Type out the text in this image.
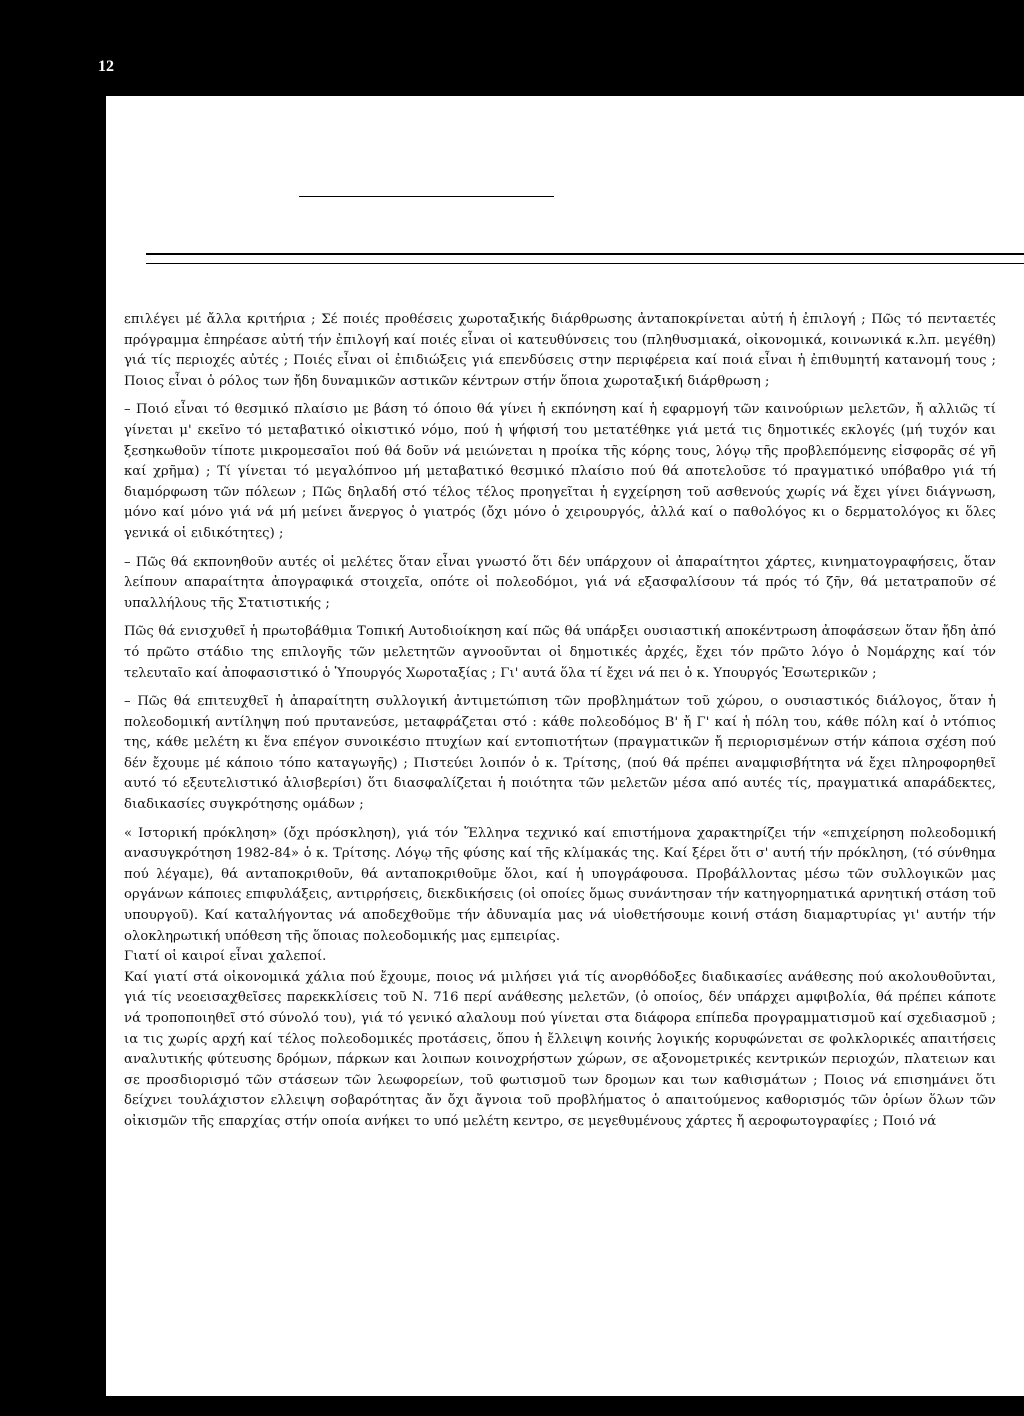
12

επιλέγει μέ ἄλλα κριτήρια ; Σέ ποιές προθέσεις χωροταξικής διάρθρωσης ἀνταποκρίνεται αὐτή ἡ ἐπιλογή ; Πῶς τό πενταετές πρόγραμμα ἐπηρέασε αὐτή τήν ἐπιλογή καί ποιές εἶναι οἱ κατευθύνσεις του (πληθυσμιακά, οἰκονομικά, κοινωνικά κ.λπ. μεγέθη) γιά τίς περιοχές αὐτές ; Ποιές εἶναι οἱ ἐπιδιώξεις γιά επενδύσεις στην περιφέρεια καί ποιά εἶναι ἡ ἐπιθυμητή κατανομή τους ; Ποιος εἶναι ὁ ρόλος των ἤδη δυναμικῶν αστικῶν κέντρων στήν ὅποια χωροταξική διάρθρωση ;

– Ποιό εἶναι τό θεσμικό πλαίσιο με βάση τό όποιο θά γίνει ἡ εκπόνηση καί ἡ εφαρμογή τῶν καινούριων μελετῶν, ἤ αλλιῶς τί γίνεται μ' εκεῖνο τό μεταβατικό οἰκιστικό νόμο, πού ἡ ψήφισή του μετατέθηκε γιά μετά τις δημοτικές εκλογές (μή τυχόν και ξεσηκωθοῦν τίποτε μικρομεσαῖοι πού θά δοῦν νά μειώνεται η προίκα τῆς κόρης τους, λόγῳ τῆς προβλεπόμενης εἰσφορᾶς σέ γῆ καί χρῆμα) ; Τί γίνεται τό μεγαλόπνοο μή μεταβατικό θεσμικό πλαίσιο πού θά αποτελοῦσε τό πραγματικό υπόβαθρο γιά τή διαμόρφωση τῶν πόλεων ; Πῶς δηλαδή στό τέλος τέλος προηγεῖται ἡ εγχείρηση τοῦ ασθενούς χωρίς νά ἔχει γίνει διάγνωση, μόνο καί μόνο γιά νά μή μείνει ἄνεργος ὁ γιατρός (ὄχι μόνο ὁ χειρουργός, ἀλλά καί ο παθολόγος κι ο δερματολόγος κι ὅλες γενικά οἱ ειδικότητες) ;

– Πῶς θά εκπονηθοῦν αυτές οἱ μελέτες ὅταν εἶναι γνωστό ὅτι δέν υπάρχουν οἱ ἀπαραίτητοι χάρτες, κινηματογραφήσεις, ὅταν λείπουν απαραίτητα ἀπογραφικά στοιχεῖα, οπότε οἱ πολεοδόμοι, γιά νά εξασφαλίσουν τά πρός τό ζῆν, θά μετατραποῦν σέ υπαλλήλους τῆς Στατιστικής ;

Πῶς θά ενισχυθεῖ ἡ πρωτοβάθμια Τοπική Αυτοδιοίκηση καί πῶς θά υπάρξει ουσιαστική αποκέντρωση ἀποφάσεων ὅταν ἤδη ἀπό τό πρῶτο στάδιο της επιλογῆς τῶν μελετητῶν αγνοοῦνται οἱ δημοτικές ἀρχές, ἔχει τόν πρῶτο λόγο ὁ Νομάρχης καί τόν τελευταῖο καί ἀποφασιστικό ὁ Ὑπουργός Χωροταξίας ; Γι' αυτά ὅλα τί ἔχει νά πει ὁ κ. Υπουργός Ἐσωτερικῶν ;

– Πῶς θά επιτευχθεῖ ἡ ἀπαραίτητη συλλογική ἀντιμετώπιση τῶν προβλημάτων τοῦ χώρου, ο ουσιαστικός διάλογος, ὅταν ἡ πολεοδομική αντίληψη πού πρυτανεύσε, μεταφράζεται στό : κάθε πολεοδόμος Β' ἤ Γ' καί ἡ πόλη του, κάθε πόλη καί ὁ ντόπιος της, κάθε μελέτη κι ἕνα επέγον συνοικέσιο πτυχίων καί εντοπιοτήτων (πραγματικῶν ἤ περιορισμένων στήν κάποια σχέση πού δέν ἔχουμε μέ κάποιο τόπο καταγωγῆς) ; Πιστεύει λοιπόν ὁ κ. Τρίτσης, (πού θά πρέπει αναμφισβήτητα νά ἔχει πληροφορηθεῖ αυτό τό εξευτελιστικό ἀλισβερίσι) ὅτι διασφαλίζεται ἡ ποιότητα τῶν μελετῶν μέσα από αυτές τίς, πραγματικά απαράδεκτες, διαδικασίες συγκρότησης ομάδων ;

« Ιστορική πρόκληση» (ὄχι πρόσκληση), γιά τόν Ἕλληνα τεχνικό καί επιστήμονα χαρακτηρίζει τήν «επιχείρηση πολεοδομική ανασυγκρότηση 1982-84» ὁ κ. Τρίτσης. Λόγῳ τῆς φύσης καί τῆς κλίμακάς της. Καί ξέρει ὅτι σ' αυτή τήν πρόκληση, (τό σύνθημα πού λέγαμε), θά ανταποκριθοῦν, θά ανταποκριθοῦμε ὅλοι, καί ἡ υπογράφουσα. Προβάλλοντας μέσω τῶν συλλογικῶν μας οργάνων κάποιες επιφυλάξεις, αντιρρήσεις, διεκδικήσεις (οἱ οποίες ὅμως συνάντησαν τήν κατηγορηματικά αρνητική στάση τοῦ υπουργοῦ). Καί καταλήγοντας νά αποδεχθοῦμε τήν ἀδυναμία μας νά υἱοθετήσουμε κοινή στάση διαμαρτυρίας γι' αυτήν τήν ολοκληρωτική υπόθεση τῆς ὅποιας πολεοδομικής μας εμπειρίας.

Γιατί οἱ καιροί εἶναι χαλεποί.

Καί γιατί στά οἰκονομικά χάλια πού ἔχουμε, ποιος νά μιλήσει γιά τίς ανορθόδοξες διαδικασίες ανάθεσης πού ακολουθοῦνται, γιά τίς νεοεισαχθεῖσες παρεκκλίσεις τοῦ Ν. 716 περί ανάθεσης μελετῶν, (ὁ οποίος, δέν υπάρχει αμφιβολία, θά πρέπει κάποτε νά τροποποιηθεῖ στό σύνολό του), γιά τό γενικό αλαλουμ πού γίνεται στα διάφορα επίπεδα προγραμματισμοῦ καί σχεδιασμοῦ ; ια τις χωρίς αρχή καί τέλος πολεοδομικές προτάσεις, ὅπου ἡ ἔλλειψη κοινής λογικής κορυφώνεται σε φολκλορικές απαιτήσεις αναλυτικής φύτευσης δρόμων, πάρκων και λοιπων κοινοχρήστων χώρων, σε αξονομετρικές κεντρικών περιοχών, πλατειων και σε προσδιορισμό τῶν στάσεων τῶν λεωφορείων, τοῦ φωτισμοῦ των δρομων και των καθισμάτων ; Ποιος νά επισημάνει ὅτι δείχνει τουλάχιστον ελλειψη σοβαρότητας ἄν ὄχι ἄγνοια τοῦ προβλήματος ὁ απαιτούμενος καθορισμός τῶν ὁρίων ὅλων τῶν οἰκισμῶν τῆς επαρχίας στήν οποία ανήκει το υπό μελέτη κεντρο, σε μεγεθυμένους χάρτες ἤ αεροφωτογραφίες ; Ποιό νά
